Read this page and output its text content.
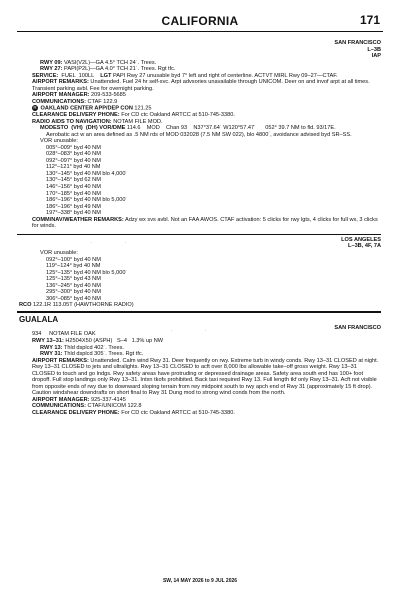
CALIFORNIA	171

SAN FRANCISCO

L–3B

IAP

RWY 09: VASI(V2L)—GA 4.5° TCH 24´. Trees.
RWY 27: PAPI(P2L)—GA 4.0° TCH 21´. Trees. Rgt tfc.
SERVICE:  FUEL  100LL    LGT PAPI Rwy 27 unusable byd 7° left and right of centerline. ACTVT MIRL Rwy 09–27—CTAF.
AIRPORT REMARKS: Unattended. Fuel 24 hr self-svc. Arpt advsories unavailable through UNICOM. Deer on and invof arpt at all times. Transient parking avbl. Fee for overnight parking.
AIRPORT MANAGER: 209-533-5685
COMMUNICATIONS: CTAF 122.9
R OAKLAND CENTER APP/DEP CON 121.25
CLEARANCE DELIVERY PHONE: For CD ctc Oakland ARTCC at 510-745-3380.
RADIO AIDS TO NAVIGATION: NOTAM FILE MOD.
MODESTO  (VH)  (DH) VOR/DME 114.6    MOD    Chan 93    N37°37.64´ W120°57.47´      052° 39.7 NM to fld. 93/17E.
Aerobatic act w an area defined as .5 NM rds of MOD 032028 (7.5 NM SW 022), blo 4800´, avoidance advised byd SR–SS.
VOR unusable:
005°–009° byd 40 NM
028°–083° byd 40 NM
092°–097° byd 40 NM
112°–121° byd 40 NM
130°–145° byd 40 NM blo 4,000´
130°–145° byd 62 NM
146°–156° byd 40 NM
170°–185° byd 40 NM
186°–196° byd 40 NM blo 5,000´
186°–196° byd 49 NM
197°–338° byd 40 NM
COMM/NAV/WEATHER REMARKS: Adzy wx svs avbl. Not an FAA AWOS. CTAF activation: 5 clicks for rwy lgts, 4 clicks for full wx, 3 clicks for winds.

LOS ANGELES

L–3B, 4F, 7A

VOR unusable:
092°–100° byd 40 NM
119°–124° byd 40 NM
125°–135° byd 40 NM blo 5,000´
125°–135° byd 43 NM
136°–245° byd 40 NM
295°–300° byd 40 NM
306°–085° byd 40 NM
RCO 122.1R 113.05T (HAWTHORNE RADIO)
GUALALA

SAN FRANCISCO

934     NOTAM FILE OAK
RWY 13–31: H2504X50 (ASPH)   S–4   1.3% up NW
RWY 13: Thld dsplcd 402´. Trees.
RWY 31: Thld dsplcd 305´. Trees. Rgt tfc.
AIRPORT REMARKS: Unattended. Calm wind Rwy 31. Deer frequently on rwy. Extreme turb in windy conds. Rwy 13–31 CLOSED at night. Rwy 13–31 CLOSED to jets and ultralights. Rwy 13–31 CLOSED to acft over 8,000 lbs allowable take–off gross weight. Rwy 13–31 CLOSED to touch and go lndgs. Rwy safety areas have protruding or depressed drainage areas. Safety area south end has 100+ foot dropoff. Full stop landings only Rwy 13–31. Intxn tkofs prohibited. Back taxi required Rwy 13. Full length tkf only Rwy 13–31. Acft not visible from opposite ends of rwy due to downward sloping terrain from rwy midpoint south to rwy apch end of Rwy 31 (approximately 15 ft drop). Caution windshear downdrafts on short final to Rwy 31 Dung mod to strong wind conds from the north.
AIRPORT MANAGER: 925-337-4145
COMMUNICATIONS: CTAF/UNICOM 122.8
CLEARANCE DELIVERY PHONE: For CD ctc Oakland ARTCC at 510-745-3380.
SW, 14 MAY 2026 to 9 JUL 2026
